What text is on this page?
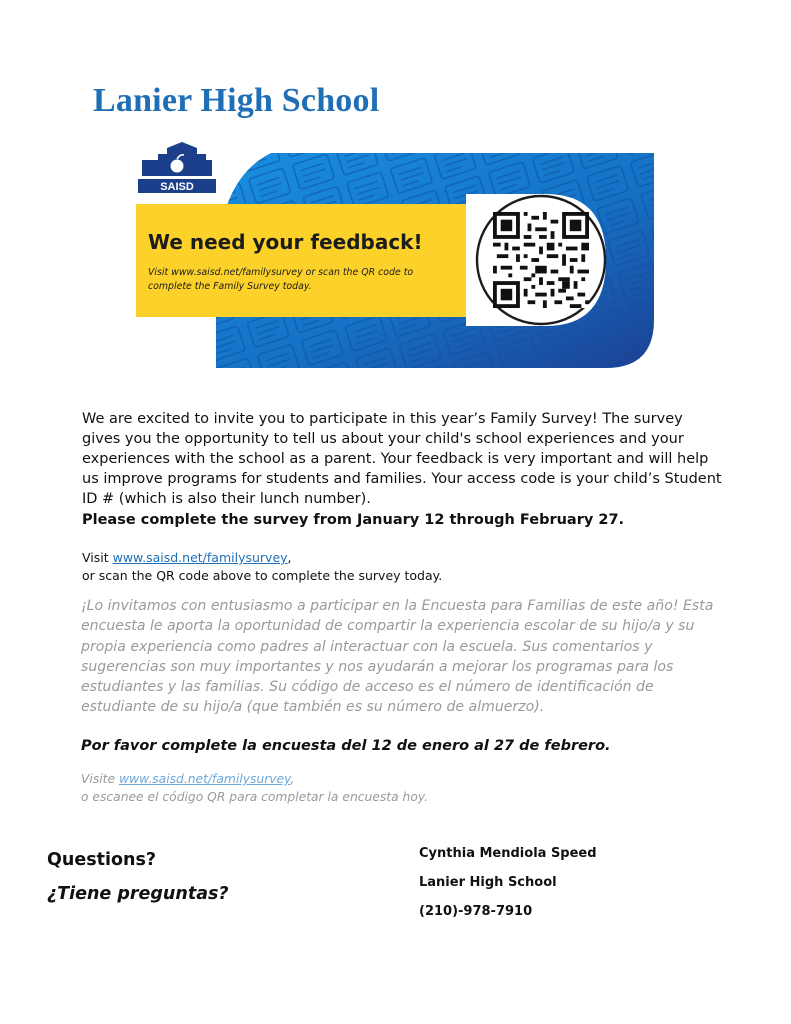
Lanier High School
SAISD

We need your feedback!

Visit www.saisd.net/familysurvey or scan the QR code to complete the Family Survey today.

We are excited to invite you to participate in this year’s Family Survey! The survey gives you the opportunity to tell us about your child's school experiences and your experiences with the school as a parent. Your feedback is very important and will help us improve programs for students and families. Your access code is your child’s Student ID # (which is also their lunch number).

Please complete the survey from January 12 through February 27.

Visit www.saisd.net/familysurvey,
or scan the QR code above to complete the survey today.

¡Lo invitamos con entusiasmo a participar en la Encuesta para Familias de este año! Esta encuesta le aporta la oportunidad de compartir la experiencia escolar de su hijo/a y su propia experiencia como padres al interactuar con la escuela. Sus comentarios y sugerencias son muy importantes y nos ayudarán a mejorar los programas para los estudiantes y las familias. Su código de acceso es el número de identificación de estudiante de su hijo/a (que también es su número de almuerzo).

Por favor complete la encuesta del 12 de enero al 27 de febrero.

Visite www.saisd.net/familysurvey,
o escanee el código QR para completar la encuesta hoy.

Questions?

¿Tiene preguntas?

Cynthia Mendiola Speed
Lanier High School
(210)-978-7910
